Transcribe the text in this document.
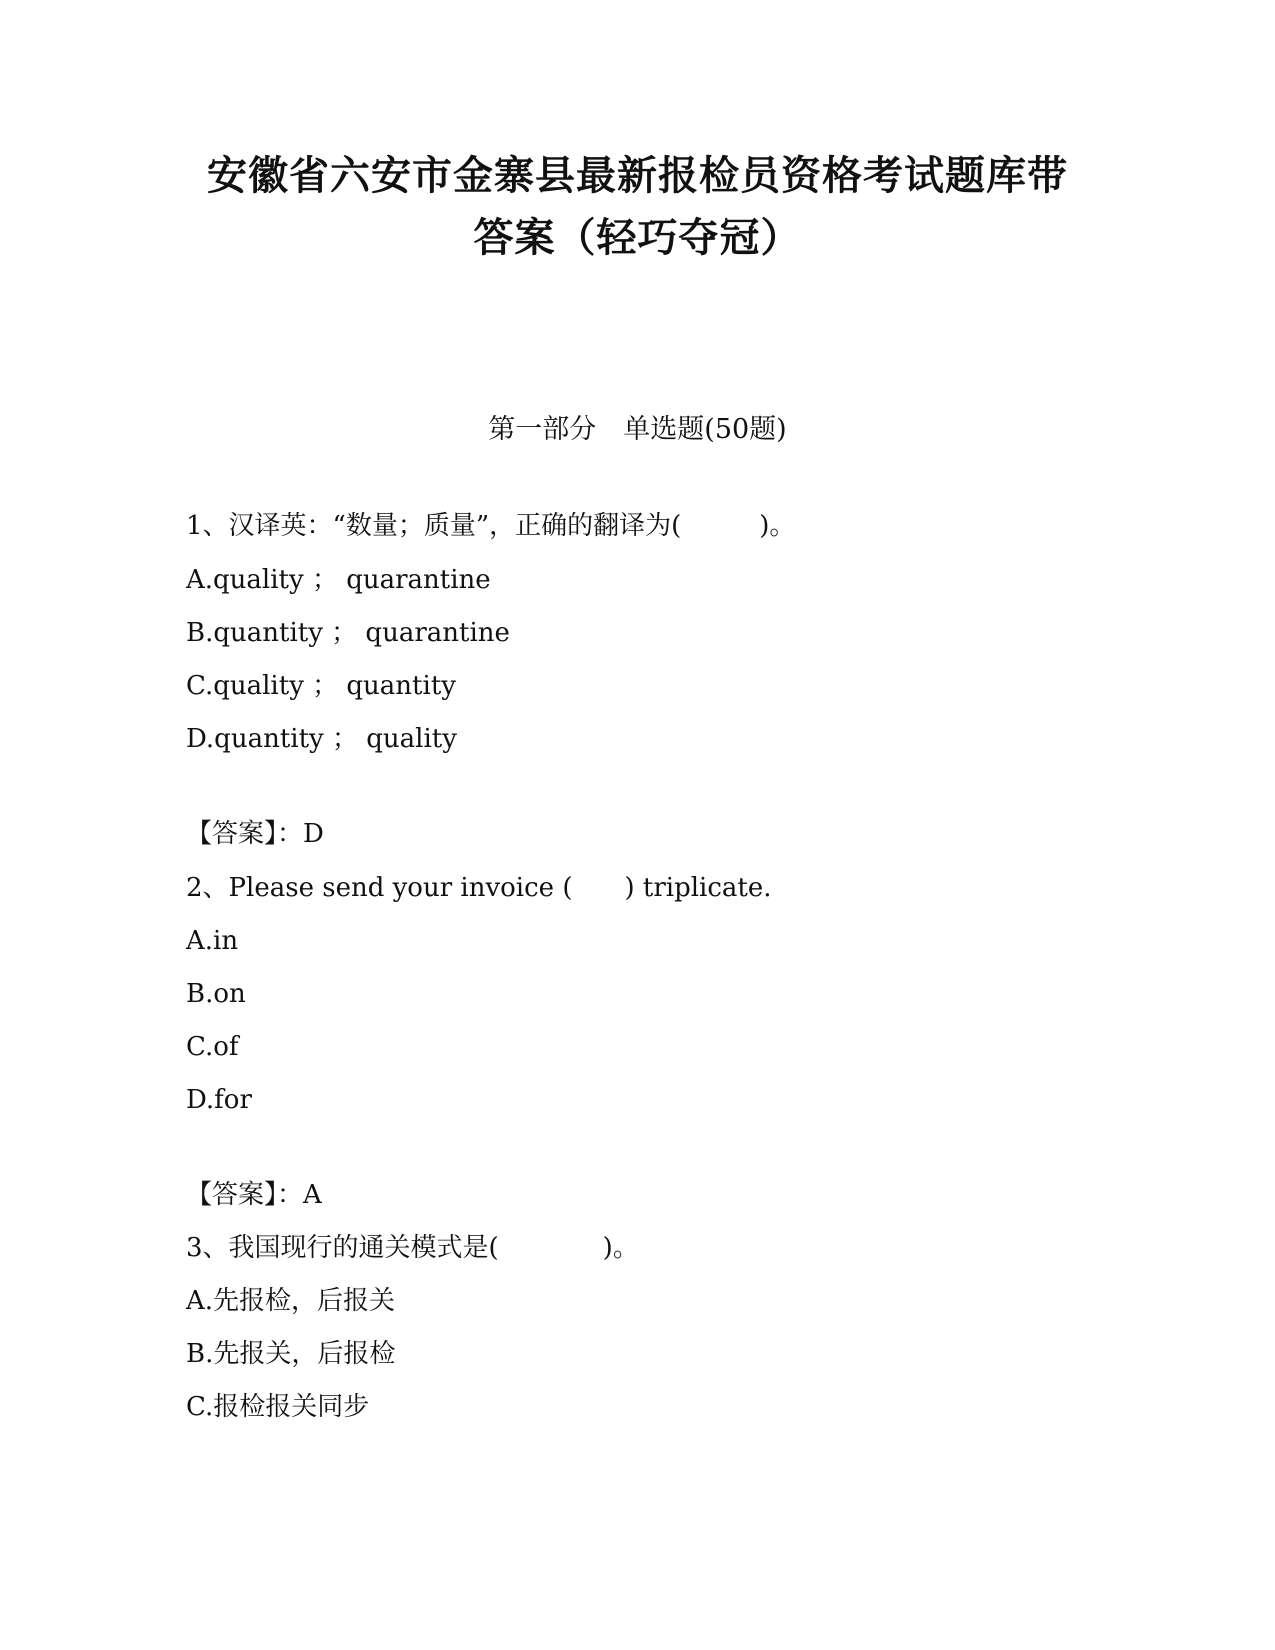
安徽省六安市金寨县最新报检员资格考试题库带
答案（轻巧夺冠）
第一部分　单选题(50题)
1、汉译英：“数量；质量”，正确的翻译为(　　　)。
A.quality ； quarantine
B.quantity ； quarantine
C.quality ； quantity
D.quantity ； quality
【答案】：D
2、Please send your invoice (　　) triplicate.
A.in
B.on
C.of
D.for
【答案】：A
3、我国现行的通关模式是(　　　　)。
A.先报检，后报关
B.先报关，后报检
C.报检报关同步
